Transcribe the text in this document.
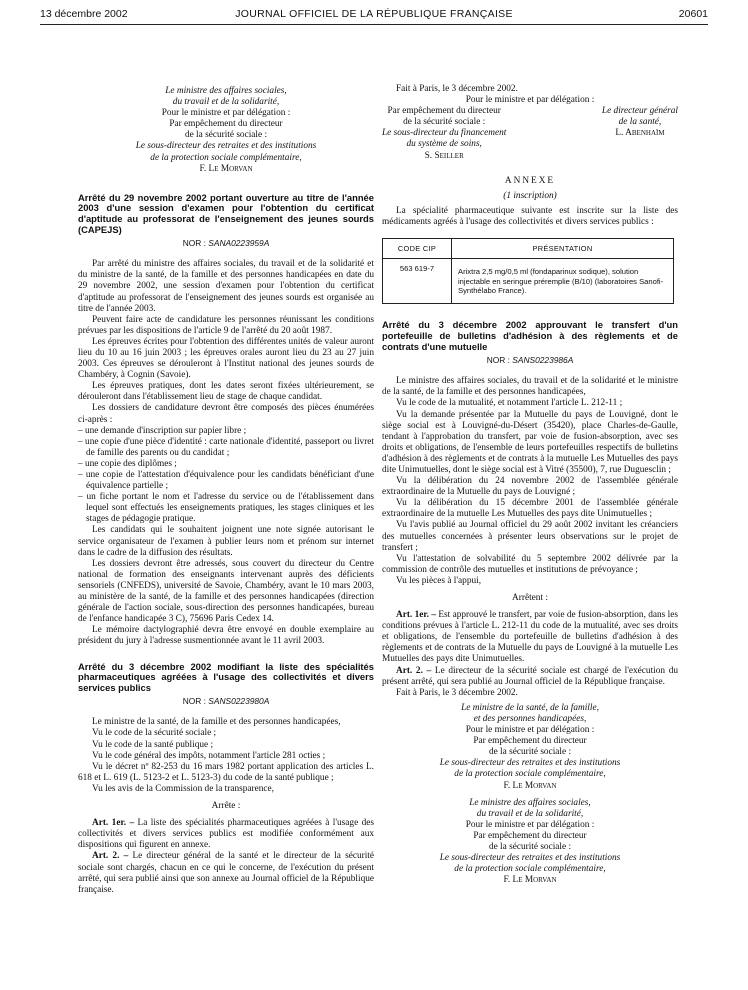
13 décembre 2002	JOURNAL OFFICIEL DE LA RÉPUBLIQUE FRANÇAISE	20601

Le ministre des affaires sociales,

du travail et de la solidarité,

Pour le ministre et par délégation :

Par empêchement du directeur

de la sécurité sociale :

Le sous-directeur des retraites et des institutions

de la protection sociale complémentaire,

F. Le Morvan

Arrêté du 29 novembre 2002 portant ouverture au titre de l'année 2003 d'une session d'examen pour l'obtention du certificat d'aptitude au professorat de l'enseignement des jeunes sourds (CAPEJS)

NOR : SANA0223959A

Par arrêté du ministre des affaires sociales, du travail et de la solidarité et du ministre de la santé, de la famille et des personnes handicapées en date du 29 novembre 2002, une session d'examen pour l'obtention du certificat d'aptitude au professorat de l'enseignement des jeunes sourds est organisée au titre de l'année 2003.

Peuvent faire acte de candidature les personnes réunissant les conditions prévues par les dispositions de l'article 9 de l'arrêté du 20 août 1987.

Les épreuves écrites pour l'obtention des différentes unités de valeur auront lieu du 10 au 16 juin 2003 ; les épreuves orales auront lieu du 23 au 27 juin 2003. Ces épreuves se dérouleront à l'Institut national des jeunes sourds de Chambéry, à Cognin (Savoie).

Les épreuves pratiques, dont les dates seront fixées ultérieurement, se dérouleront dans l'établissement lieu de stage de chaque candidat.

Les dossiers de candidature devront être composés des pièces énumérées ci-après :

– une demande d'inscription sur papier libre ;

– une copie d'une pièce d'identité : carte nationale d'identité, passeport ou livret de famille des parents ou du candidat ;

– une copie des diplômes ;

– une copie de l'attestation d'équivalence pour les candidats bénéficiant d'une équivalence partielle ;

– un fiche portant le nom et l'adresse du service ou de l'établissement dans lequel sont effectués les enseignements pratiques, les stages cliniques et les stages de pédagogie pratique.

Les candidats qui le souhaitent joignent une note signée autorisant le service organisateur de l'examen à publier leurs nom et prénom sur internet dans le cadre de la diffusion des résultats.

Les dossiers devront être adressés, sous couvert du directeur du Centre national de formation des enseignants intervenant auprès des déficients sensoriels (CNFEDS), université de Savoie, Chambéry, avant le 10 mars 2003, au ministère de la santé, de la famille et des personnes handicapées (direction générale de l'action sociale, sous-direction des personnes handicapées, bureau de l'enfance handicapée 3 C), 75696 Paris Cedex 14.

Le mémoire dactylographié devra être envoyé en double exemplaire au président du jury à l'adresse susmentionnée avant le 11 avril 2003.

Arrêté du 3 décembre 2002 modifiant la liste des spécialités pharmaceutiques agréées à l'usage des collectivités et divers services publics

NOR : SANS0223980A

Le ministre de la santé, de la famille et des personnes handicapées,

Vu le code de la sécurité sociale ;

Vu le code de la santé publique ;

Vu le code général des impôts, notamment l'article 281 octies ;

Vu le décret nº 82-253 du 16 mars 1982 portant application des articles L. 618 et L. 619 (L. 5123-2 et L. 5123-3) du code de la santé publique ;

Vu les avis de la Commission de la transparence,

Arrête :

Art. 1er. – La liste des spécialités pharmaceutiques agréées à l'usage des collectivités et divers services publics est modifiée conformément aux dispositions qui figurent en annexe.

Art. 2. – Le directeur général de la santé et le directeur de la sécurité sociale sont chargés, chacun en ce qui le concerne, de l'exécution du présent arrêté, qui sera publié ainsi que son annexe au Journal officiel de la République française.

Fait à Paris, le 3 décembre 2002.

Pour le ministre et par délégation :

Par empêchement du directeur

de la sécurité sociale :

Le sous-directeur du financement

du système de soins,

S. Seiller

Le directeur général

de la santé,

L. Abenhaïm

ANNEXE

(1 inscription)

La spécialité pharmaceutique suivante est inscrite sur la liste des médicaments agréés à l'usage des collectivités et divers services publics :

CODE CIP	PRÉSENTATION
563 619-7	Arixtra 2,5 mg/0,5 ml (fondaparinux sodique), solution injectable en seringue préremplie (B/10) (laboratoires Sanofi-Synthélabo France).

Arrêté du 3 décembre 2002 approuvant le transfert d'un portefeuille de bulletins d'adhésion à des règlements et de contrats d'une mutuelle

NOR : SANS0223986A

Le ministre des affaires sociales, du travail et de la solidarité et le ministre de la santé, de la famille et des personnes handicapées,

Vu le code de la mutualité, et notamment l'article L. 212-11 ;

Vu la demande présentée par la Mutuelle du pays de Louvigné, dont le siège social est à Louvigné-du-Désert (35420), place Charles-de-Gaulle, tendant à l'approbation du transfert, par voie de fusion-absorption, avec ses droits et obligations, de l'ensemble de leurs portefeuilles respectifs de bulletins d'adhésion à des règlements et de contrats à la mutuelle Les Mutuelles des pays dite Unimutuelles, dont le siège social est à Vitré (35500), 7, rue Duguesclin ;

Vu la délibération du 24 novembre 2002 de l'assemblée générale extraordinaire de la Mutuelle du pays de Louvigné ;

Vu la délibération du 15 décembre 2001 de l'assemblée générale extraordinaire de la mutuelle Les Mutuelles des pays dite Unimutuelles ;

Vu l'avis publié au Journal officiel du 29 août 2002 invitant les créanciers des mutuelles concernées à présenter leurs observations sur le projet de transfert ;

Vu l'attestation de solvabilité du 5 septembre 2002 délivrée par la commission de contrôle des mutuelles et institutions de prévoyance ;

Vu les pièces à l'appui,

Arrêtent :

Art. 1er. – Est approuvé le transfert, par voie de fusion-absorption, dans les conditions prévues à l'article L. 212-11 du code de la mutualité, avec ses droits et obligations, de l'ensemble du portefeuille de bulletins d'adhésion à des règlements et de contrats de la Mutuelle du pays de Louvigné à la mutuelle Les Mutuelles des pays dite Unimutuelles.

Art. 2. – Le directeur de la sécurité sociale est chargé de l'exécution du présent arrêté, qui sera publié au Journal officiel de la République française.

Fait à Paris, le 3 décembre 2002.

Le ministre de la santé, de la famille,

et des personnes handicapées,

Pour le ministre et par délégation :

Par empêchement du directeur

de la sécurité sociale :

Le sous-directeur des retraites et des institutions

de la protection sociale complémentaire,

F. Le Morvan

Le ministre des affaires sociales,

du travail et de la solidarité,

Pour le ministre et par délégation :

Par empêchement du directeur

de la sécurité sociale :

Le sous-directeur des retraites et des institutions

de la protection sociale complémentaire,

F. Le Morvan
